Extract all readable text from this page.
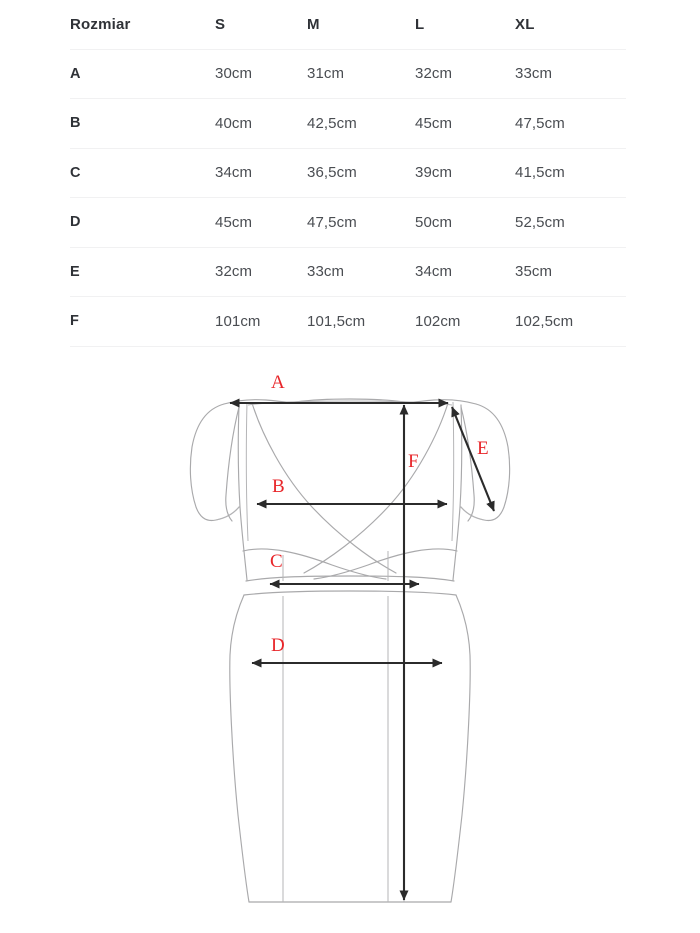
Rozmiar	S	M	L	XL
A	30cm	31cm	32cm	33cm
B	40cm	42,5cm	45cm	47,5cm
C	34cm	36,5cm	39cm	41,5cm
D	45cm	47,5cm	50cm	52,5cm
E	32cm	33cm	34cm	35cm
F	101cm	101,5cm	102cm	102,5cm
A
B
C
D
E
F
